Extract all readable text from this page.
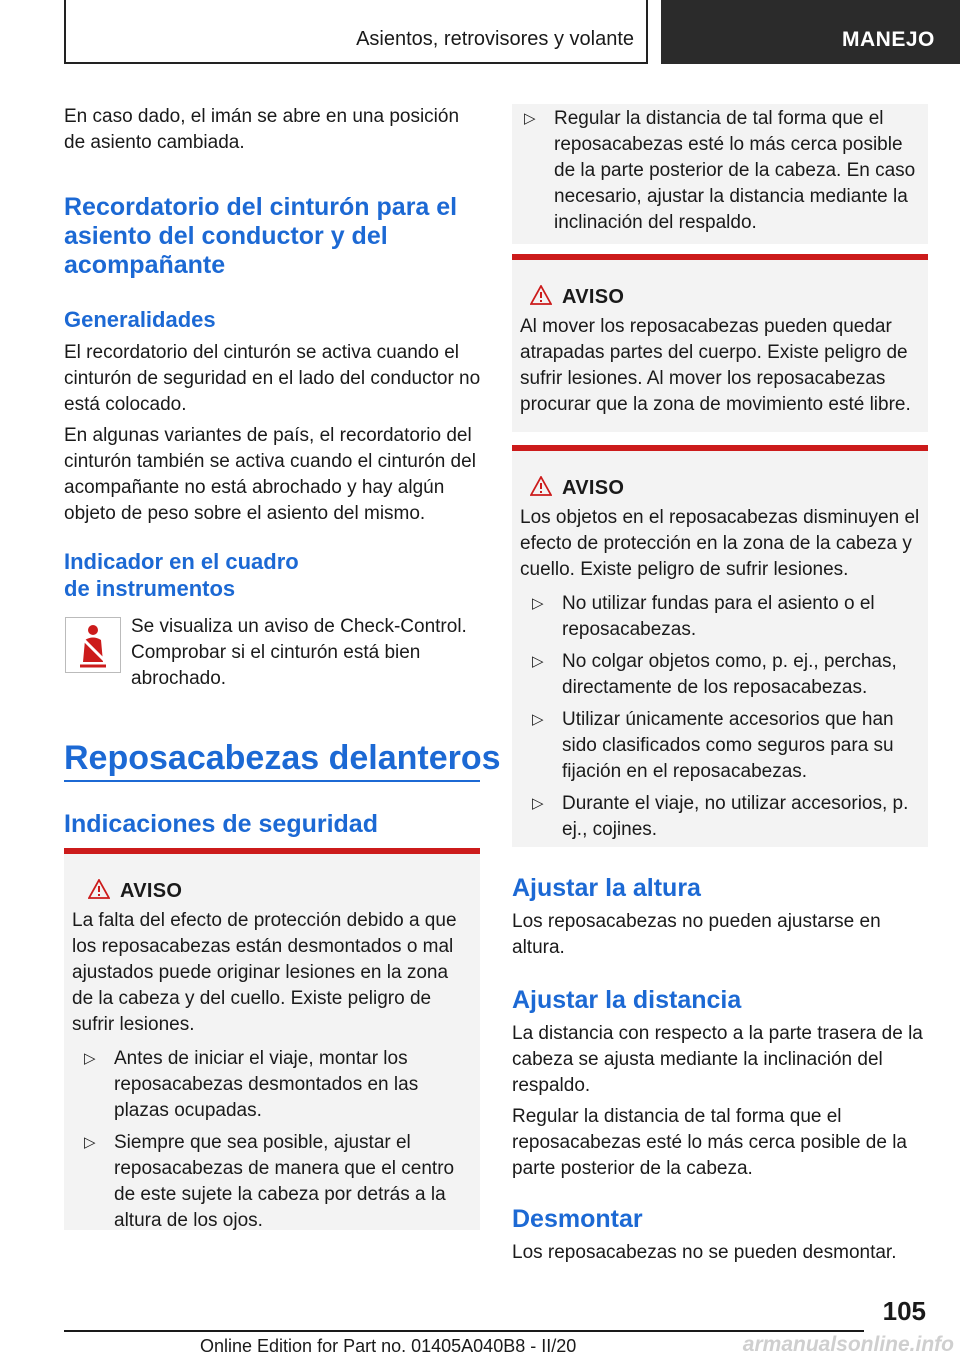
Asientos, retrovisores y volante	MANEJO

En caso dado, el imán se abre en una posición de asiento cambiada.

Recordatorio del cinturón para el asiento del conductor y del acompañante
Generalidades

El recordatorio del cinturón se activa cuando el cinturón de seguridad en el lado del conductor no está colocado.

En algunas variantes de país, el recordatorio del cinturón también se activa cuando el cinturón del acompañante no está abrochado y hay algún objeto de peso sobre el asiento del mismo.

Indicador en el cuadro
de instrumentos

Se visualiza un aviso de Check-Control. Comprobar si el cinturón está bien abrochado.

Reposacabezas delanteros
Indicaciones de seguridad
AVISO

La falta del efecto de protección debido a que los reposacabezas están desmontados o mal ajustados puede originar lesiones en la zona de la cabeza y del cuello. Existe peligro de sufrir lesiones.

▷ Antes de iniciar el viaje, montar los reposacabezas desmontados en las plazas ocupadas.
▷ Siempre que sea posible, ajustar el reposacabezas de manera que el centro de este sujete la cabeza por detrás a la altura de los ojos.
▷ Regular la distancia de tal forma que el reposacabezas esté lo más cerca posible de la parte posterior de la cabeza. En caso necesario, ajustar la distancia mediante la inclinación del respaldo.
AVISO

Al mover los reposacabezas pueden quedar atrapadas partes del cuerpo. Existe peligro de sufrir lesiones. Al mover los reposacabezas procurar que la zona de movimiento esté libre.

AVISO

Los objetos en el reposacabezas disminuyen el efecto de protección en la zona de la cabeza y cuello. Existe peligro de sufrir lesiones.

▷ No utilizar fundas para el asiento o el reposacabezas.
▷ No colgar objetos como, p. ej., perchas, directamente de los reposacabezas.
▷ Utilizar únicamente accesorios que han sido clasificados como seguros para su fijación en el reposacabezas.
▷ Durante el viaje, no utilizar accesorios, p. ej., cojines.
Ajustar la altura

Los reposacabezas no pueden ajustarse en altura.

Ajustar la distancia

La distancia con respecto a la parte trasera de la cabeza se ajusta mediante la inclinación del respaldo.

Regular la distancia de tal forma que el reposacabezas esté lo más cerca posible de la parte posterior de la cabeza.

Desmontar

Los reposacabezas no se pueden desmontar.

105
Online Edition for Part no. 01405A040B8 - II/20	armanualsonline.info
